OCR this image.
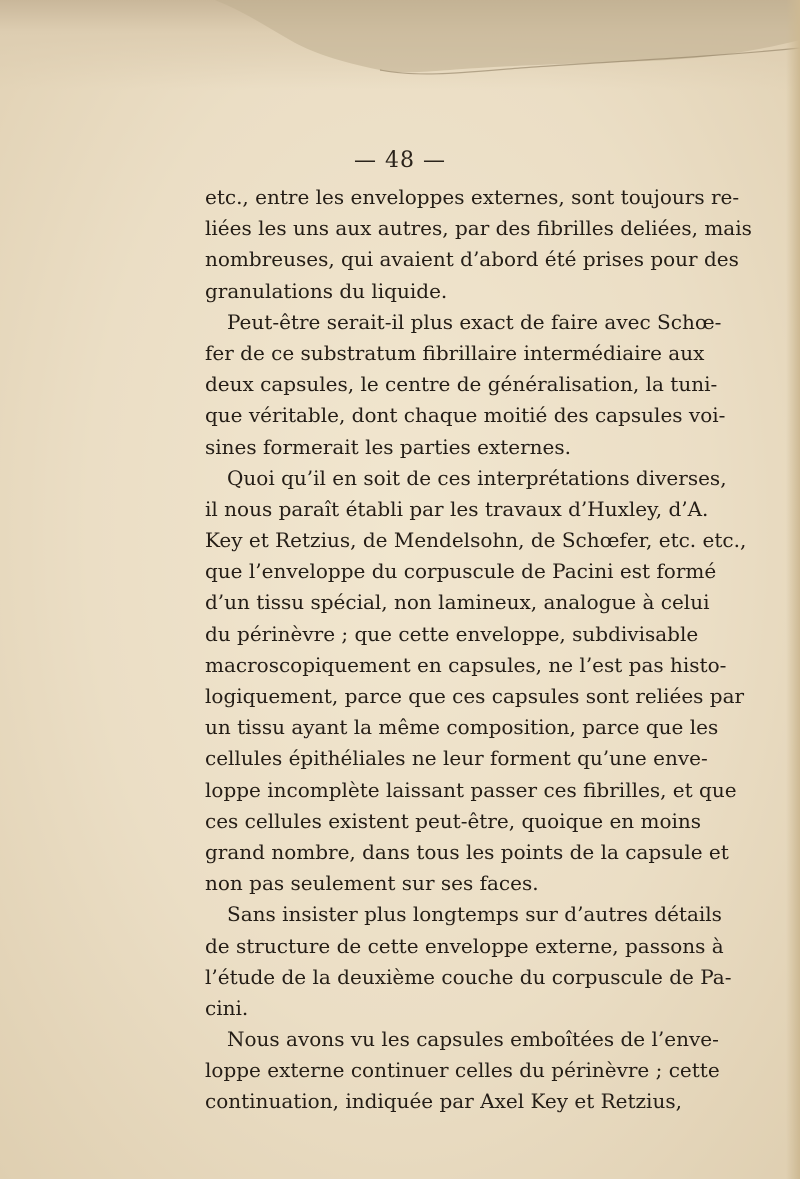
— 48 —
etc., entre les enveloppes externes, sont toujours re-
liées les uns aux autres, par des fibrilles deliées, mais
nombreuses, qui avaient d’abord été prises pour des
granulations du liquide.
Peut-être serait-il plus exact de faire avec Schœ-
fer de ce substratum fibrillaire intermédiaire aux
deux capsules, le centre de généralisation, la tuni-
que véritable, dont chaque moitié des capsules voi-
sines formerait les parties externes.
Quoi qu’il en soit de ces interprétations diverses,
il nous paraît établi par les travaux d’Huxley, d’A.
Key et Retzius, de Mendelsohn, de Schœfer, etc. etc.,
que l’enveloppe du corpuscule de Pacini est formé
d’un tissu spécial, non lamineux, analogue à celui
du périnèvre ; que cette enveloppe, subdivisable
macroscopiquement en capsules, ne l’est pas histo-
logiquement, parce que ces capsules sont reliées par
un tissu ayant la même composition, parce que les
cellules épithéliales ne leur forment qu’une enve-
loppe incomplète laissant passer ces fibrilles, et que
ces cellules existent peut-être, quoique en moins
grand nombre, dans tous les points de la capsule et
non pas seulement sur ses faces.
Sans insister plus longtemps sur d’autres détails
de structure de cette enveloppe externe, passons à
l’étude de la deuxième couche du corpuscule de Pa-
cini.
Nous avons vu les capsules emboîtées de l’enve-
loppe externe continuer celles du périnèvre ; cette
continuation, indiquée par Axel Key et Retzius,
